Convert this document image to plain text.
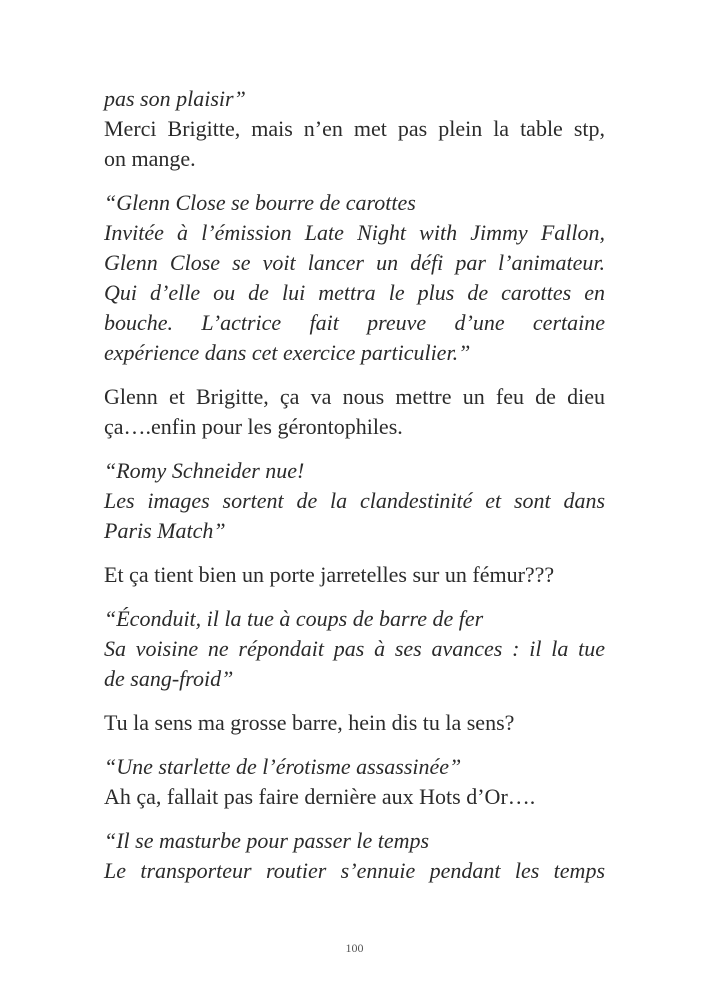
pas son plaisir”
Merci Brigitte, mais n’en met pas plein la table stp,
on mange.
“Glenn Close se bourre de carottes
Invitée à l’émission Late Night with Jimmy Fallon,
Glenn Close se voit lancer un défi par l’animateur.
Qui d’elle ou de lui mettra le plus de carottes en
bouche. L’actrice fait preuve d’une certaine
expérience dans cet exercice particulier.”
Glenn et Brigitte, ça va nous mettre un feu de dieu
ça….enfin pour les gérontophiles.
“Romy Schneider nue!
Les images sortent de la clandestinité et sont dans
Paris Match”
Et ça tient bien un porte jarretelles sur un fémur???
“Éconduit, il la tue à coups de barre de fer
Sa voisine ne répondait pas à ses avances : il la tue
de sang-froid”
Tu la sens ma grosse barre, hein dis tu la sens?
“Une starlette de l’érotisme assassinée”
Ah ça, fallait pas faire dernière aux Hots d’Or….
“Il se masturbe pour passer le temps
Le transporteur routier s’ennuie pendant les temps
100
